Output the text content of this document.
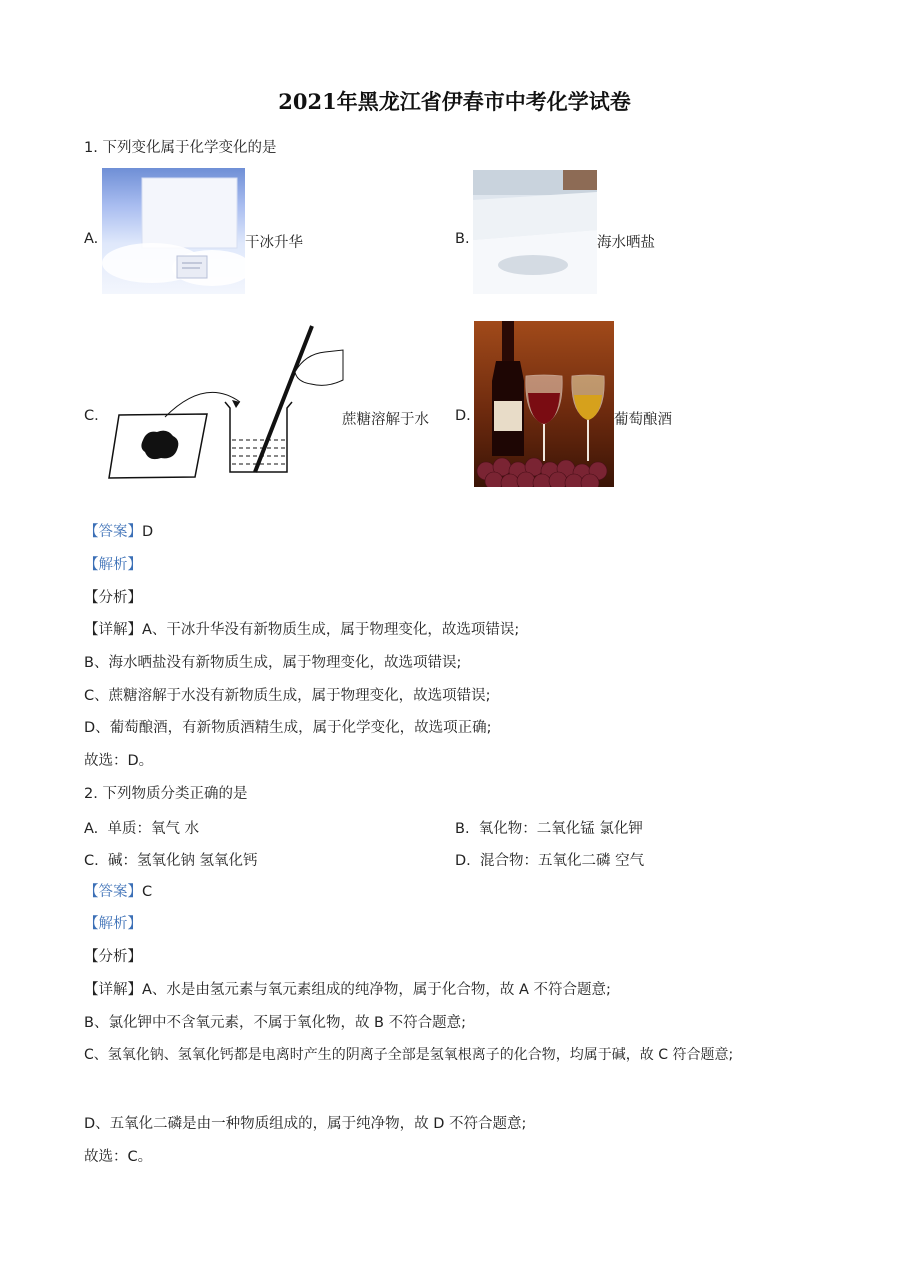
2021年黑龙江省伊春市中考化学试卷
1. 下列变化属于化学变化的是
A.	干冰升华	B.	海水晒盐
C.	蔗糖溶解于水 D.	葡萄酿酒
【答案】D
【解析】
【分析】
【详解】A、干冰升华没有新物质生成，属于物理变化，故选项错误;
B、海水晒盐没有新物质生成，属于物理变化，故选项错误;
C、蔗糖溶解于水没有新物质生成，属于物理变化，故选项错误;
D、葡萄酿酒，有新物质酒精生成，属于化学变化，故选项正确;
故选：D。
2. 下列物质分类正确的是
A. 单质：氧气 水	B. 氧化物：二氧化锰 氯化钾
C. 碱：氢氧化钠 氢氧化钙	D. 混合物：五氧化二磷 空气
【答案】C
【解析】
【分析】
【详解】A、水是由氢元素与氧元素组成的纯净物，属于化合物，故 A 不符合题意;
B、氯化钾中不含氧元素，不属于氧化物，故 B 不符合题意;
C、氢氧化钠、氢氧化钙都是电离时产生的阴离子全部是氢氧根离子的化合物，均属于碱，故 C 符合题意;
D、五氧化二磷是由一种物质组成的，属于纯净物，故 D 不符合题意;
故选：C。
